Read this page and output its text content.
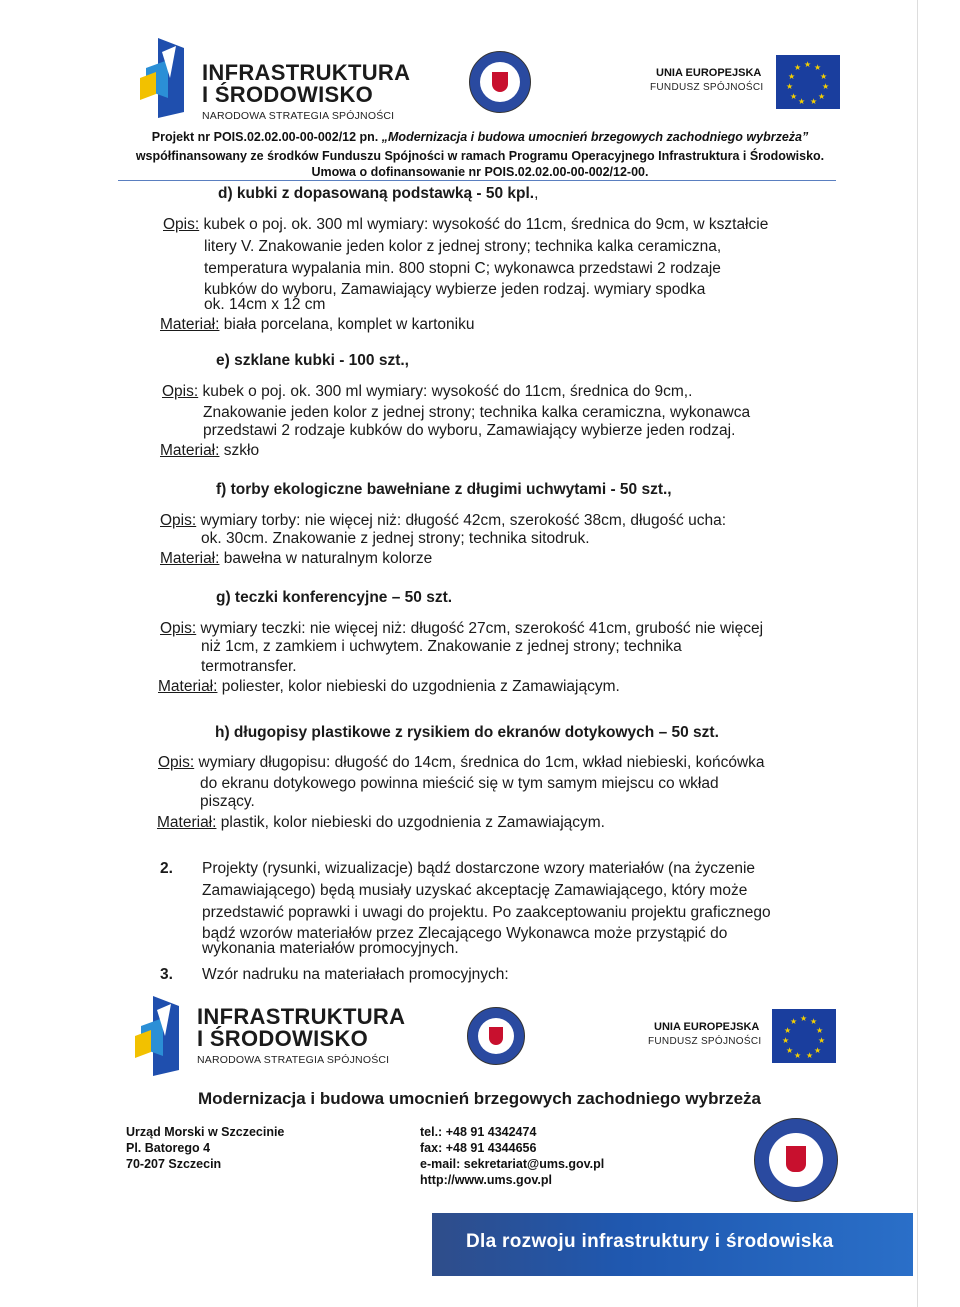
INFRASTRUKTURA
I ŚRODOWISKO
NARODOWA STRATEGIA SPÓJNOŚCI
UNIA EUROPEJSKA
FUNDUSZ SPÓJNOŚCI
★ ★
★
★
★
★
★
★
★
★
★
Projekt nr POIS.02.02.00-00-002/12 pn. „Modernizacja i budowa umocnień brzegowych zachodniego wybrzeża”
współfinansowany ze środków Funduszu Spójności w ramach Programu Operacyjnego Infrastruktura i Środowisko.
Umowa o dofinansowanie nr POIS.02.02.00-00-002/12-00.
d) kubki z dopasowaną podstawką - 50 kpl.,
Opis: kubek o poj. ok. 300 ml wymiary: wysokość do 11cm, średnica do 9cm, w kształcie
litery V. Znakowanie jeden kolor z jednej strony; technika kalka ceramiczna,
temperatura wypalania min. 800 stopni C; wykonawca przedstawi 2 rodzaje
kubków do wyboru, Zamawiający wybierze jeden rodzaj. wymiary spodka
ok. 14cm x 12 cm
Materiał: biała porcelana, komplet w kartoniku
e) szklane kubki - 100 szt.,
Opis: kubek o poj. ok. 300 ml wymiary: wysokość do 11cm, średnica do 9cm,.
Znakowanie jeden kolor z jednej strony; technika kalka ceramiczna, wykonawca
przedstawi 2 rodzaje kubków do wyboru, Zamawiający wybierze jeden rodzaj.
Materiał: szkło
f) torby ekologiczne bawełniane z długimi uchwytami - 50 szt.,
Opis: wymiary torby: nie więcej niż: długość 42cm, szerokość 38cm, długość ucha:
ok. 30cm. Znakowanie z jednej strony; technika sitodruk.
Materiał: bawełna w naturalnym kolorze
g) teczki konferencyjne – 50 szt.
Opis: wymiary teczki: nie więcej niż: długość 27cm, szerokość 41cm, grubość nie więcej
niż 1cm, z zamkiem i uchwytem. Znakowanie z jednej strony; technika
termotransfer.
Materiał: poliester, kolor niebieski do uzgodnienia z Zamawiającym.
h) długopisy plastikowe z rysikiem do ekranów dotykowych – 50 szt.
Opis: wymiary długopisu: długość do 14cm, średnica do 1cm, wkład niebieski, końcówka
do ekranu dotykowego powinna mieścić się w tym samym miejscu co wkład
piszący.
Materiał: plastik, kolor niebieski do uzgodnienia z Zamawiającym.
2. Projekty (rysunki, wizualizacje) bądź dostarczone wzory materiałów (na życzenie
Zamawiającego) będą musiały uzyskać akceptację Zamawiającego, który może
przedstawić poprawki i uwagi do projektu. Po zaakceptowaniu projektu graficznego
bądź wzorów materiałów przez Zlecającego Wykonawca może przystąpić do
wykonania materiałów promocyjnych.
3. Wzór nadruku na materiałach promocyjnych:
INFRASTRUKTURA
I ŚRODOWISKO
NARODOWA STRATEGIA SPÓJNOŚCI
UNIA EUROPEJSKA
FUNDUSZ SPÓJNOŚCI
★ ★
★
★
★
★
★
★
★
★
★
Modernizacja i budowa umocnień brzegowych zachodniego wybrzeża
Urząd Morski w Szczecinie
Pl. Batorego 4
70-207 Szczecin
tel.: +48 91 4342474
fax: +48 91 4344656
e-mail: sekretariat@ums.gov.pl
http://www.ums.gov.pl
Dla rozwoju infrastruktury i środowiska
